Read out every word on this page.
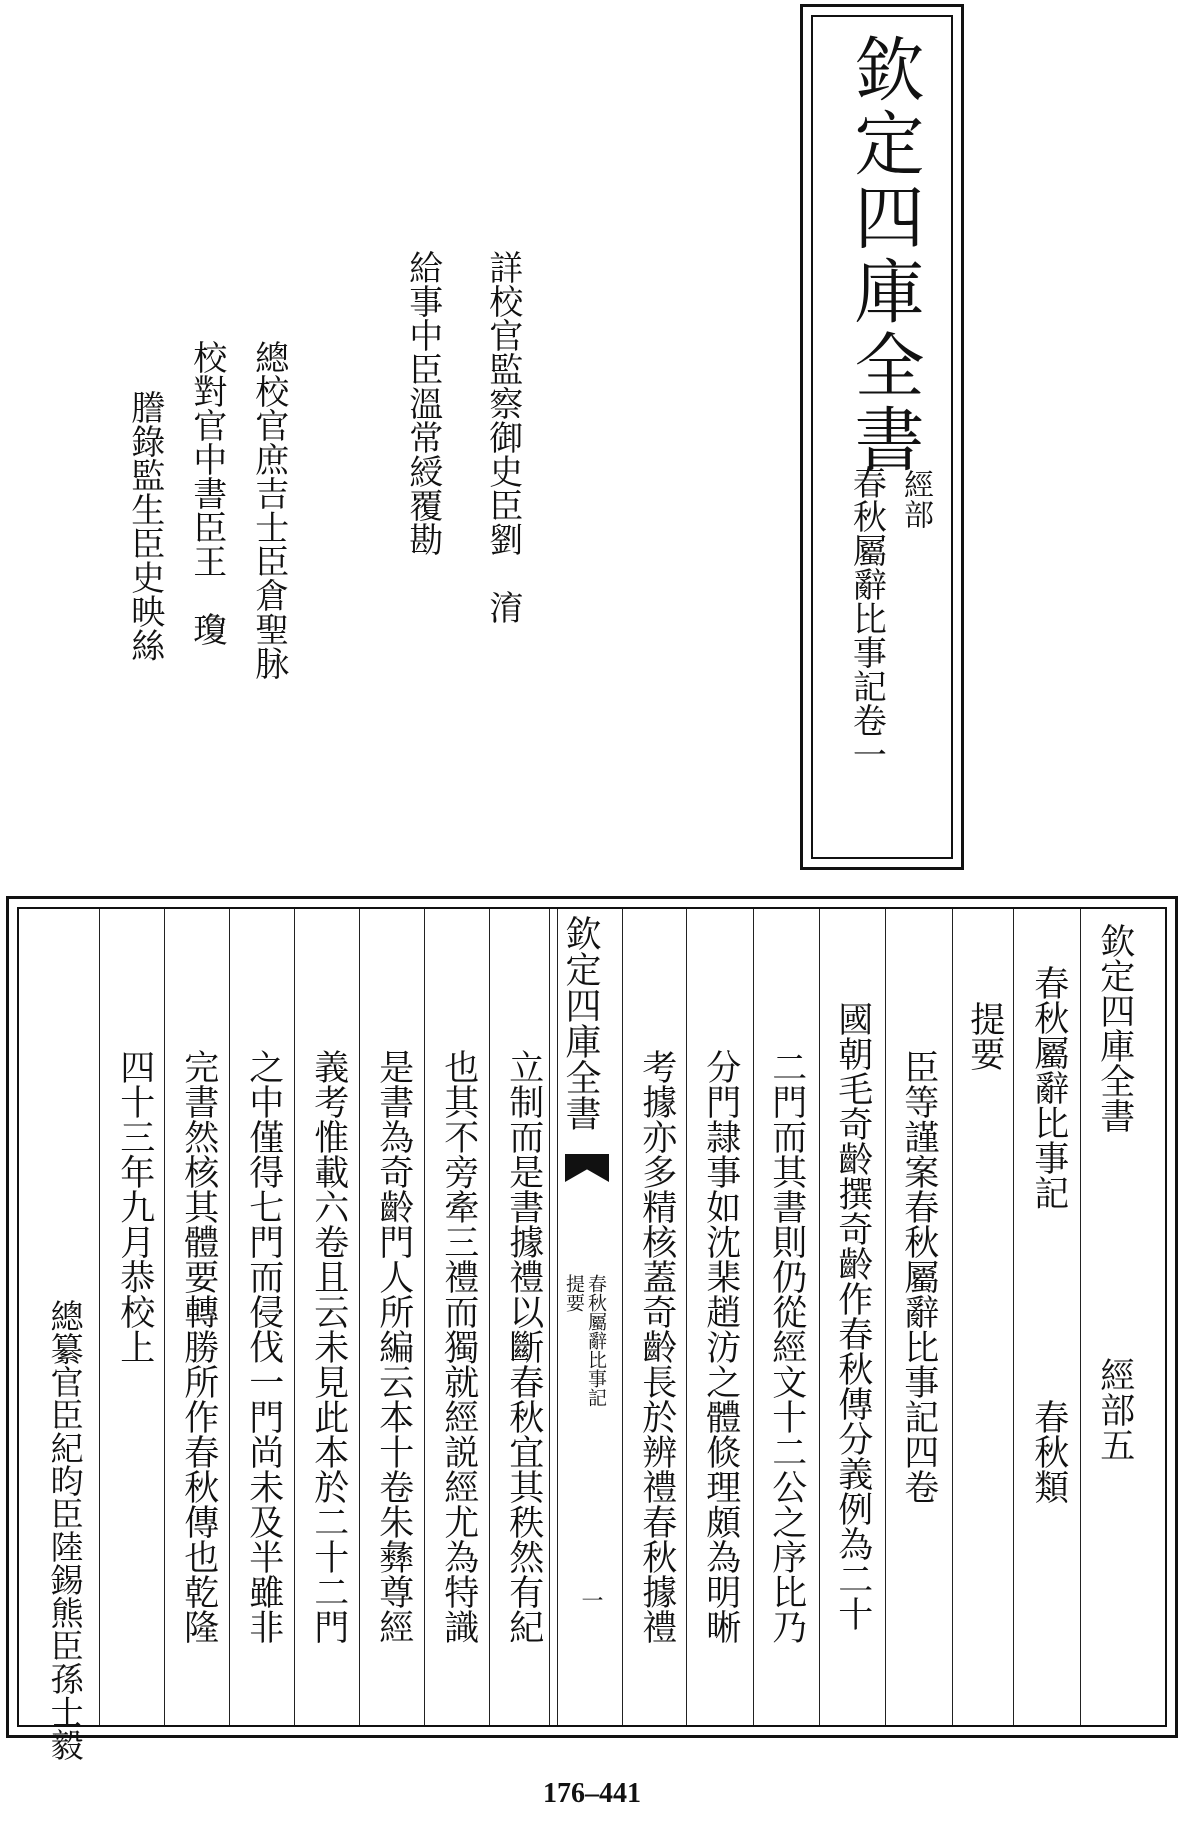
欽定四庫全書
經部
春秋屬辭比事記卷一
詳校官監察御史臣劉　淯
給事中臣溫常綬覆勘
總校官庶吉士臣倉聖脉
校對官中書臣王　瓊
謄錄監生臣史映絲
欽定四庫全書
經部五
春秋屬辭比事記
春秋類
提要
臣等謹案春秋屬辭比事記四卷
國朝毛奇齡撰奇齡作春秋傳分義例為二十
二門而其書則仍從經文十二公之序比乃
分門隷事如沈棐趙汸之體倐理頗為明晰
考據亦多精核蓋奇齡長於辨禮春秋據禮
欽定四庫全書
春秋屬辭比事記
提要
一
立制而是書據禮以斷春秋宜其秩然有紀
也其不旁牽三禮而獨就經説經尤為特識
是書為奇齡門人所編云本十卷朱彝尊經
義考惟載六卷且云未見此本於二十二門
之中僅得七門而侵伐一門尚未及半雖非
完書然核其體要轉勝所作春秋傳也乾隆
四十三年九月恭校上
總纂官臣紀昀臣陸錫熊臣孫士毅
176–441
